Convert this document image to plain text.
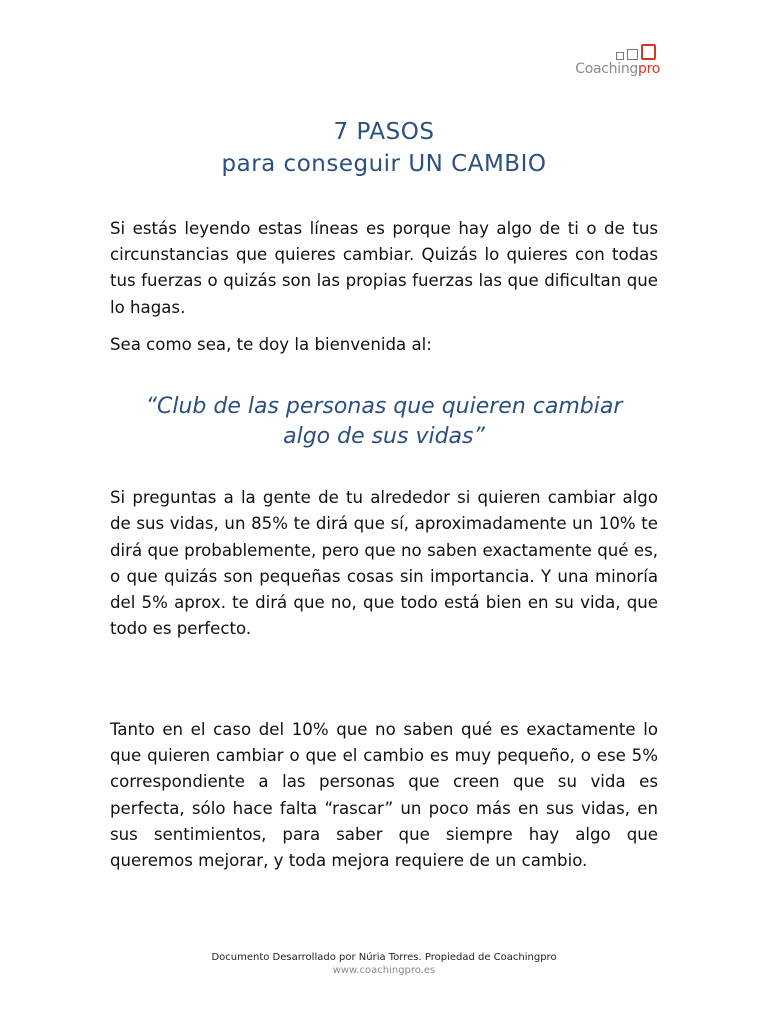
Coachingpro
7 PASOS
para conseguir UN CAMBIO

Si estás leyendo estas líneas es porque hay algo de ti o de tus circunstancias que quieres cambiar. Quizás lo quieres con todas tus fuerzas o quizás son las propias fuerzas las que dificultan que lo hagas.

Sea como sea, te doy la bienvenida al:

“Club de las personas que quieren cambiar
algo de sus vidas”

Si preguntas a la gente de tu alrededor si quieren cambiar algo de sus vidas, un 85% te dirá que sí, aproximadamente un 10% te dirá que probablemente, pero que no saben exactamente qué es, o que quizás son pequeñas cosas sin importancia. Y una minoría del 5% aprox. te dirá que no, que todo está bien en su vida, que todo es perfecto.

Tanto en el caso del 10% que no saben qué es exactamente lo que quieren cambiar o que el cambio es muy pequeño, o ese 5% correspondiente a las personas que creen que su vida es perfecta, sólo hace falta “rascar” un poco más en sus vidas, en sus sentimientos, para saber que siempre hay algo que queremos mejorar, y toda mejora requiere de un cambio.

Documento Desarrollado por Núria Torres. Propiedad de Coachingpro
www.coachingpro.es
